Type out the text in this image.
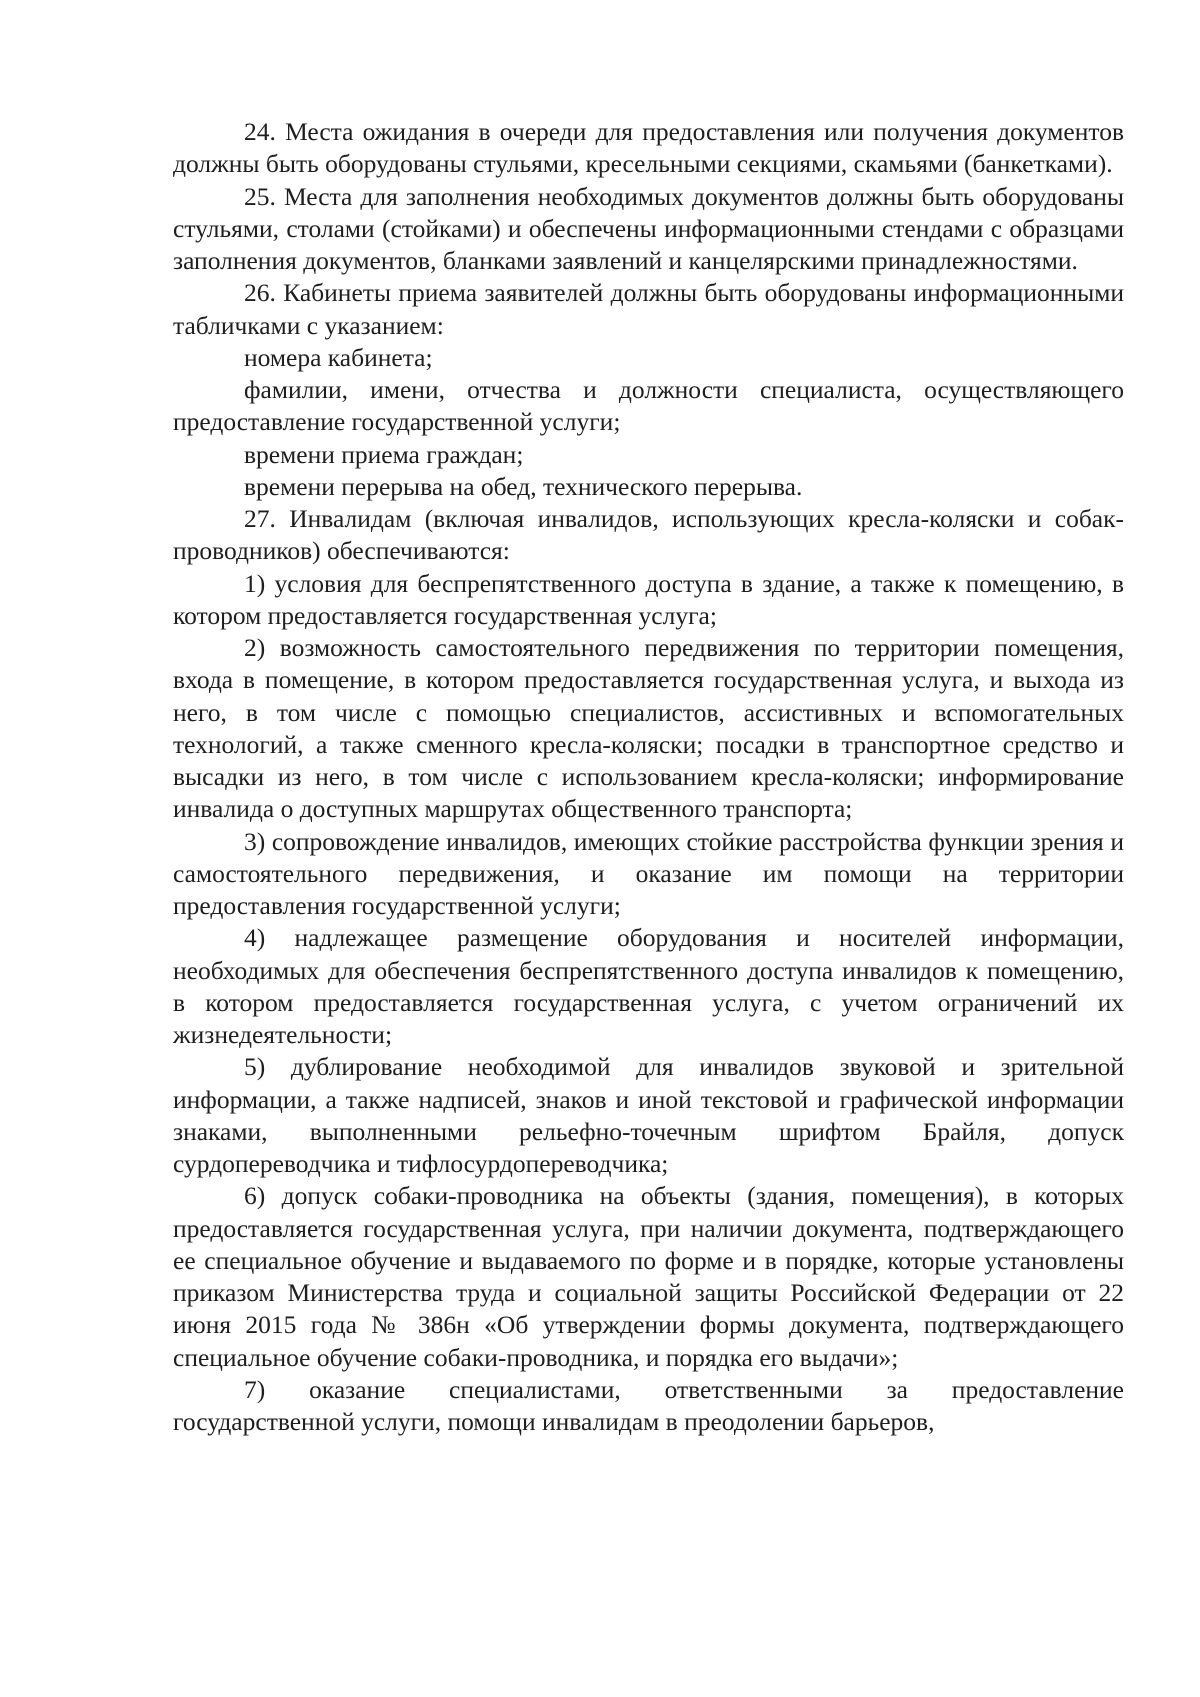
24. Места ожидания в очереди для предоставления или получения документов должны быть оборудованы стульями, кресельными секциями, скамьями (банкетками).

25. Места для заполнения необходимых документов должны быть оборудованы стульями, столами (стойками) и обеспечены информационными стендами с образцами заполнения документов, бланками заявлений и канцелярскими принадлежностями.

26. Кабинеты приема заявителей должны быть оборудованы информационными табличками с указанием:

номера кабинета;

фамилии, имени, отчества и должности специалиста, осуществляющего предоставление государственной услуги;

времени приема граждан;

времени перерыва на обед, технического перерыва.

27. Инвалидам (включая инвалидов, использующих кресла-коляски и собак-проводников) обеспечиваются:

1) условия для беспрепятственного доступа в здание, а также к помещению, в котором предоставляется государственная услуга;

2) возможность самостоятельного передвижения по территории помещения, входа в помещение, в котором предоставляется государственная услуга, и выхода из него, в том числе с помощью специалистов, ассистивных и вспомогательных технологий, а также сменного кресла-коляски; посадки в транспортное средство и высадки из него, в том числе с использованием кресла-коляски; информирование инвалида о доступных маршрутах общественного транспорта;

3) сопровождение инвалидов, имеющих стойкие расстройства функции зрения и самостоятельного передвижения, и оказание им помощи на территории предоставления государственной услуги;

4) надлежащее размещение оборудования и носителей информации, необходимых для обеспечения беспрепятственного доступа инвалидов к помещению, в котором предоставляется государственная услуга, с учетом ограничений их жизнедеятельности;

5) дублирование необходимой для инвалидов звуковой и зрительной информации, а также надписей, знаков и иной текстовой и графической информации знаками, выполненными рельефно-точечным шрифтом Брайля, допуск сурдопереводчика и тифлосурдопереводчика;

6) допуск собаки-проводника на объекты (здания, помещения), в которых предоставляется государственная услуга, при наличии документа, подтверждающего ее специальное обучение и выдаваемого по форме и в порядке, которые установлены приказом Министерства труда и социальной защиты Российской Федерации от 22 июня 2015 года № 386н «Об утверждении формы документа, подтверждающего специальное обучение собаки-проводника, и порядка его выдачи»;

7) оказание специалистами, ответственными за предоставление государственной услуги, помощи инвалидам в преодолении барьеров,
